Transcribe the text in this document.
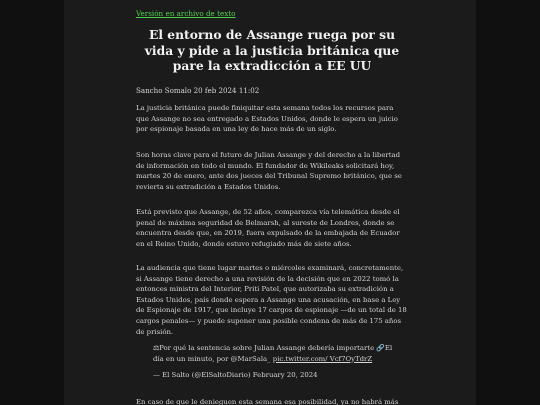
Versión en archivo de texto
El entorno de Assange ruega por su vida y pide a la justicia británica que pare la extradicción a EE UU
Sancho Somalo 20 feb 2024 11:02

La justicia británica puede finiquitar esta semana todos los recursos para que Assange no sea entregado a Estados Unidos, donde le espera un juicio por espionaje basada en una ley de hace más de un siglo.

Son horas clave para el futuro de Julian Assange y del derecho a la libertad de información en todo el mundo. El fundador de Wikileaks solicitará hoy, martes 20 de enero, ante dos jueces del Tribunal Supremo británico, que se revierta su extradición a Estados Unidos.

Está previsto que Assange, de 52 años, comparezca vía telemática desde el penal de máxima seguridad de Belmarsh, al sureste de Londres, donde se encuentra desde que, en 2019, fuera expulsado de la embajada de Ecuador en el Reino Unido, donde estuvo refugiado más de siete años.

La audiencia que tiene lugar martes o miércoles examinará, concretamente, si Assange tiene derecho a una revisión de la decisión que en 2022 tomó la entonces ministra del Interior, Priti Patel, que autorizaba su extradición a Estados Unidos, país donde espera a Assange una acusación, en base a Ley de Espionaje de 1917, que incluye 17 cargos de espionaje —de un total de 18 cargos penales— y puede suponer una posible condena de más de 175 años de prisión.

⚖Por qué la sentencia sobre Julian Assange debería importarte 🔗El día en un minuto, por @MarSala_ pic.twitter.com/ Vcf7OyTdrZ
— El Salto (@ElSaltoDiario) February 20, 2024

En caso de que le denieguen esta semana esa posibilidad, ya no habrá más
